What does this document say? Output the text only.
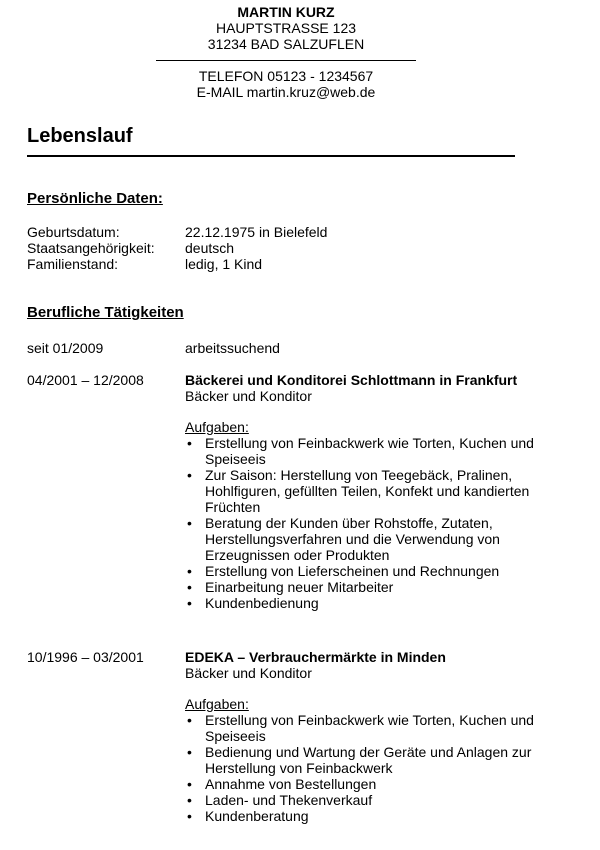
MARTIN KURZ
HAUPTSTRASSE 123
31234 BAD SALZUFLEN
TELEFON 05123 - 1234567
E-MAIL martin.kruz@web.de
Lebenslauf
Persönliche Daten:
Geburtsdatum:	22.12.1975 in Bielefeld
Staatsangehörigkeit: deutsch
Familienstand:	ledig, 1 Kind
Berufliche Tätigkeiten
seit 01/2009	arbeitssuchend
04/2001 – 12/2008	Bäckerei und Konditorei Schlottmann in Frankfurt
Bäcker und Konditor
Aufgaben:
• Erstellung von Feinbackwerk wie Torten, Kuchen und Speiseeis
• Zur Saison: Herstellung von Teegebäck, Pralinen, Hohlfiguren, gefüllten Teilen, Konfekt und kandierten Früchten
• Beratung der Kunden über Rohstoffe, Zutaten, Herstellungsverfahren und die Verwendung von Erzeugnissen oder Produkten
• Erstellung von Lieferscheinen und Rechnungen
• Einarbeitung neuer Mitarbeiter
• Kundenbedienung
10/1996 – 03/2001	EDEKA – Verbrauchermärkte in Minden
Bäcker und Konditor
Aufgaben:
• Erstellung von Feinbackwerk wie Torten, Kuchen und Speiseeis
• Bedienung und Wartung der Geräte und Anlagen zur Herstellung von Feinbackwerk
• Annahme von Bestellungen
• Laden- und Thekenverkauf
• Kundenberatung
